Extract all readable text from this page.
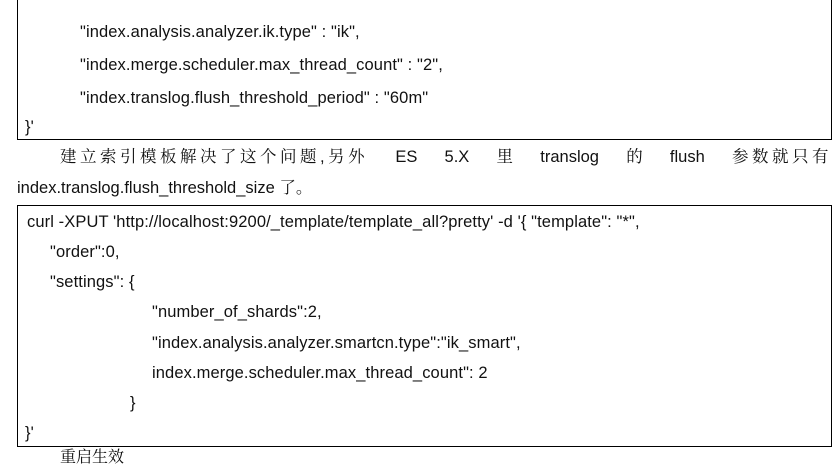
"index.analysis.analyzer.ik.type" : "ik",
"index.merge.scheduler.max_thread_count" : "2",
"index.translog.flush_threshold_period" : "60m"
}'
建立索引模板解决了这个问题,另外 ES 5.X 里 translog 的 flush 参数就只有
index.translog.flush_threshold_size 了。
curl -XPUT 'http://localhost:9200/_template/template_all?pretty' -d '{ "template": "*",
"order":0,
"settings": {
"number_of_shards":2,
"index.analysis.analyzer.smartcn.type":"ik_smart",
index.merge.scheduler.max_thread_count": 2
}
}'
重启生效
